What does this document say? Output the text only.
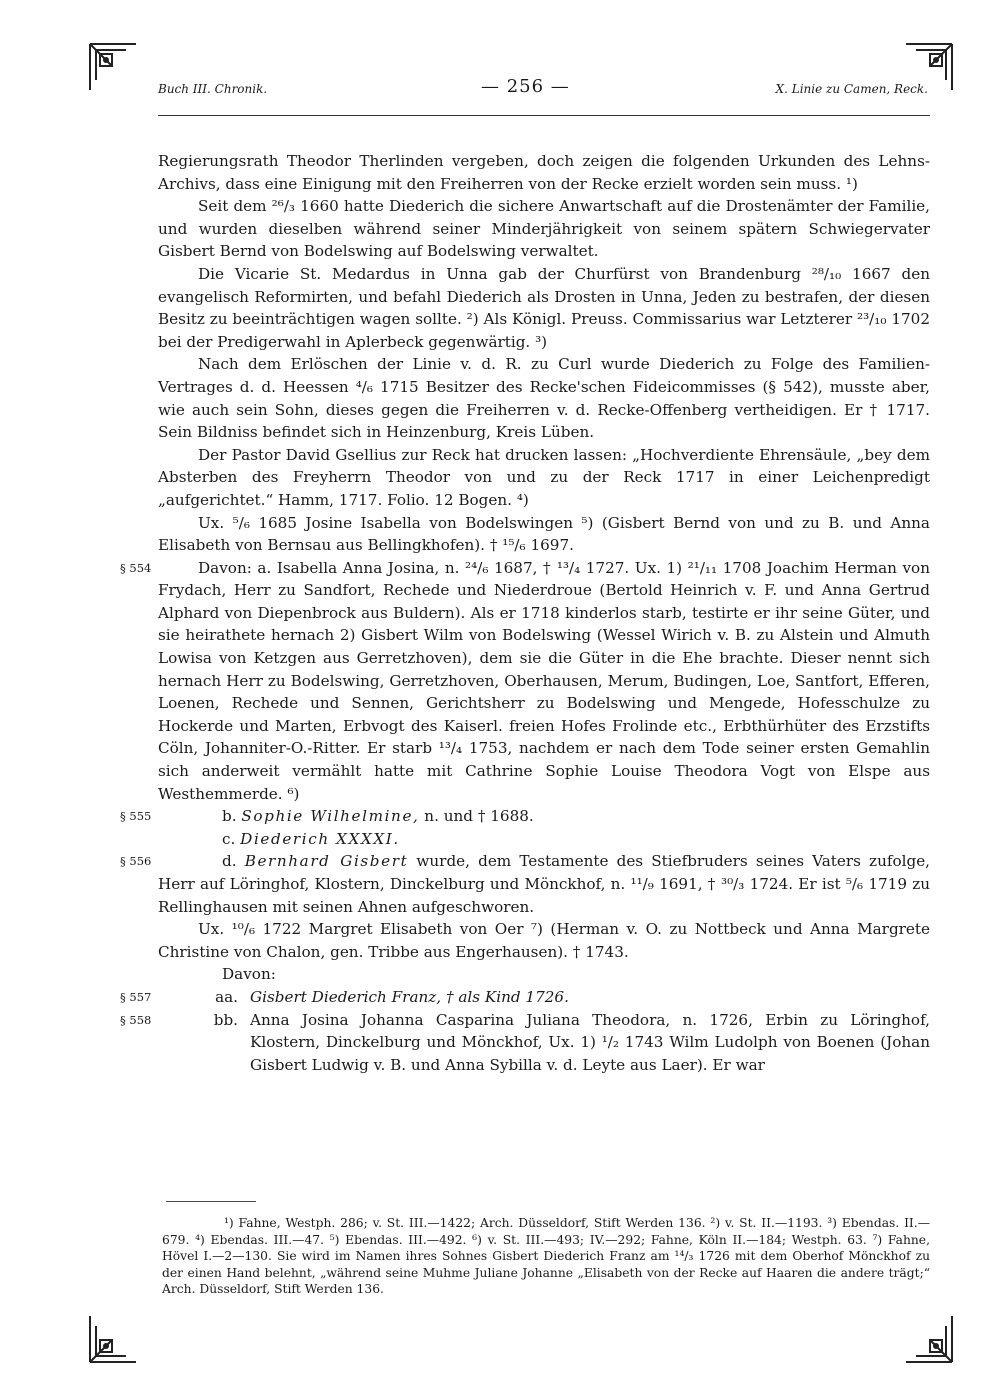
Buch III. Chronik.	— 256 —	X. Linie zu Camen, Reck.

Regierungsrath Theodor Therlinden vergeben, doch zeigen die folgenden Urkunden des Lehns-Archivs, dass eine Einigung mit den Freiherren von der Recke erzielt worden sein muss. ¹)

Seit dem ²⁶/₃ 1660 hatte Diederich die sichere Anwartschaft auf die Drostenämter der Familie, und wurden dieselben während seiner Minderjährigkeit von seinem spätern Schwiegervater Gisbert Bernd von Bodelswing auf Bodelswing verwaltet.

Die Vicarie St. Medardus in Unna gab der Churfürst von Brandenburg ²⁸/₁₀ 1667 den evangelisch Reformirten, und befahl Diederich als Drosten in Unna, Jeden zu bestrafen, der diesen Besitz zu beeinträchtigen wagen sollte. ²) Als Königl. Preuss. Commissarius war Letzterer ²³/₁₀ 1702 bei der Predigerwahl in Aplerbeck gegenwärtig. ³)

Nach dem Erlöschen der Linie v. d. R. zu Curl wurde Diederich zu Folge des Familien-Vertrages d. d. Heessen ⁴/₆ 1715 Besitzer des Recke'schen Fideicommisses (§ 542), musste aber, wie auch sein Sohn, dieses gegen die Freiherren v. d. Recke-Offenberg vertheidigen. Er † 1717. Sein Bildniss befindet sich in Heinzenburg, Kreis Lüben.

Der Pastor David Gsellius zur Reck hat drucken lassen: „Hochverdiente Ehrensäule, „bey dem Absterben des Freyherrn Theodor von und zu der Reck 1717 in einer Leichenpredigt „aufgerichtet.“ Hamm, 1717. Folio. 12 Bogen. ⁴)

Ux. ⁵/₆ 1685 Josine Isabella von Bodelswingen ⁵) (Gisbert Bernd von und zu B. und Anna Elisabeth von Bernsau aus Bellingkhofen). † ¹⁵/₆ 1697.

§ 554	Davon: a. Isabella Anna Josina, n. ²⁴/₆ 1687, † ¹³/₄ 1727. Ux. 1) ²¹/₁₁ 1708 Joachim Herman von Frydach, Herr zu Sandfort, Rechede und Niederdroue (Bertold Heinrich v. F. und Anna Gertrud Alphard von Diepenbrock aus Buldern). Als er 1718 kinderlos starb, testirte er ihr seine Güter, und sie heirathete hernach 2) Gisbert Wilm von Bodelswing (Wessel Wirich v. B. zu Alstein und Almuth Lowisa von Ketzgen aus Gerretzhoven), dem sie die Güter in die Ehe brachte. Dieser nennt sich hernach Herr zu Bodelswing, Gerretzhoven, Oberhausen, Merum, Budingen, Loe, Santfort, Efferen, Loenen, Rechede und Sennen, Gerichtsherr zu Bodelswing und Mengede, Hofesschulze zu Hockerde und Marten, Erbvogt des Kaiserl. freien Hofes Frolinde etc., Erbthürhüter des Erzstifts Cöln, Johanniter-O.-Ritter. Er starb ¹³/₄ 1753, nachdem er nach dem Tode seiner ersten Gemahlin sich anderweit vermählt hatte mit Cathrine Sophie Louise Theodora Vogt von Elspe aus Westhemmerde. ⁶)

§ 555	b. Sophie Wilhelmine, n. und † 1688.

c. Diederich XXXXI.

§ 556	d. Bernhard Gisbert wurde, dem Testamente des Stiefbruders seines Vaters zufolge, Herr auf Löringhof, Klostern, Dinckelburg und Mönckhof, n. ¹¹/₉ 1691, † ³⁰/₃ 1724. Er ist ⁵/₆ 1719 zu Rellinghausen mit seinen Ahnen aufgeschworen.

Ux. ¹⁰/₆ 1722 Margret Elisabeth von Oer ⁷) (Herman v. O. zu Nottbeck und Anna Margrete Christine von Chalon, gen. Tribbe aus Engerhausen). † 1743.

Davon:

§ 557	aa. Gisbert Diederich Franz, † als Kind 1726.
§ 558	bb. Anna Josina Johanna Casparina Juliana Theodora, n. 1726, Erbin zu Löringhof, Klostern, Dinckelburg und Mönckhof, Ux. 1) ¹/₂ 1743 Wilm Ludolph von Boenen (Johan Gisbert Ludwig v. B. und Anna Sybilla v. d. Leyte aus Laer). Er war

¹) Fahne, Westph. 286; v. St. III.—1422; Arch. Düsseldorf, Stift Werden 136. ²) v. St. II.—1193. ³) Ebendas. II.—679. ⁴) Ebendas. III.—47. ⁵) Ebendas. III.—492. ⁶) v. St. III.—493; IV.—292; Fahne, Köln II.—184; Westph. 63. ⁷) Fahne, Hövel I.—2—130. Sie wird im Namen ihres Sohnes Gisbert Diederich Franz am ¹⁴/₃ 1726 mit dem Oberhof Mönckhof zu der einen Hand belehnt, „während seine Muhme Juliane Johanne „Elisabeth von der Recke auf Haaren die andere trägt;“ Arch. Düsseldorf, Stift Werden 136.
